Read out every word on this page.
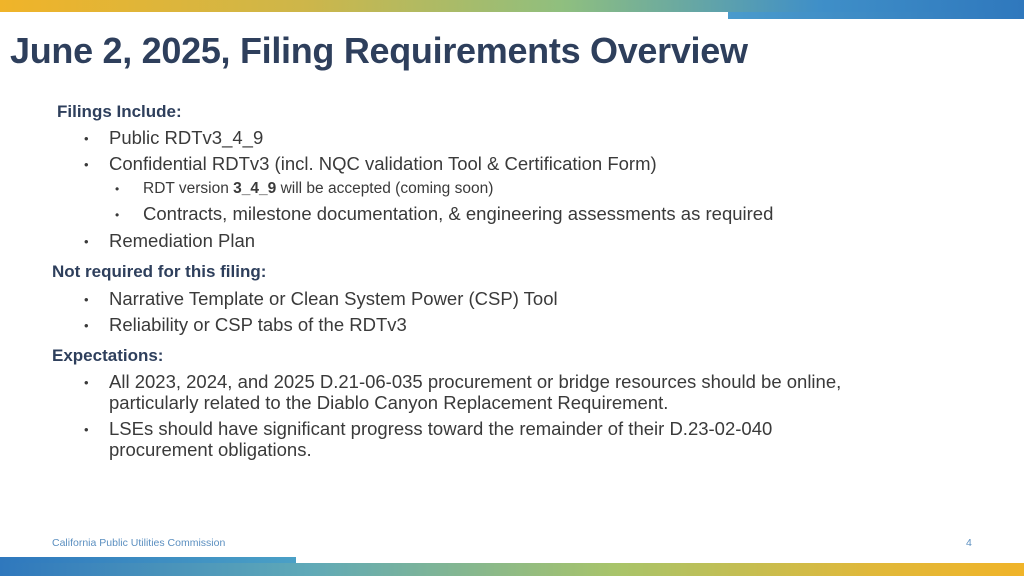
June 2, 2025, Filing Requirements Overview
Filings Include:
• Public RDTv3_4_9
• Confidential RDTv3 (incl. NQC validation Tool & Certification Form)
• RDT version 3_4_9 will be accepted (coming soon)
• Contracts, milestone documentation, & engineering assessments as required
• Remediation Plan
Not required for this filing:
• Narrative Template or Clean System Power (CSP) Tool
• Reliability or CSP tabs of the RDTv3
Expectations:
• All 2023, 2024, and 2025 D.21-06-035 procurement or bridge resources should be online,
particularly related to the Diablo Canyon Replacement Requirement.
• LSEs should have significant progress toward the remainder of their D.23-02-040
procurement obligations.
California Public Utilities Commission	4
